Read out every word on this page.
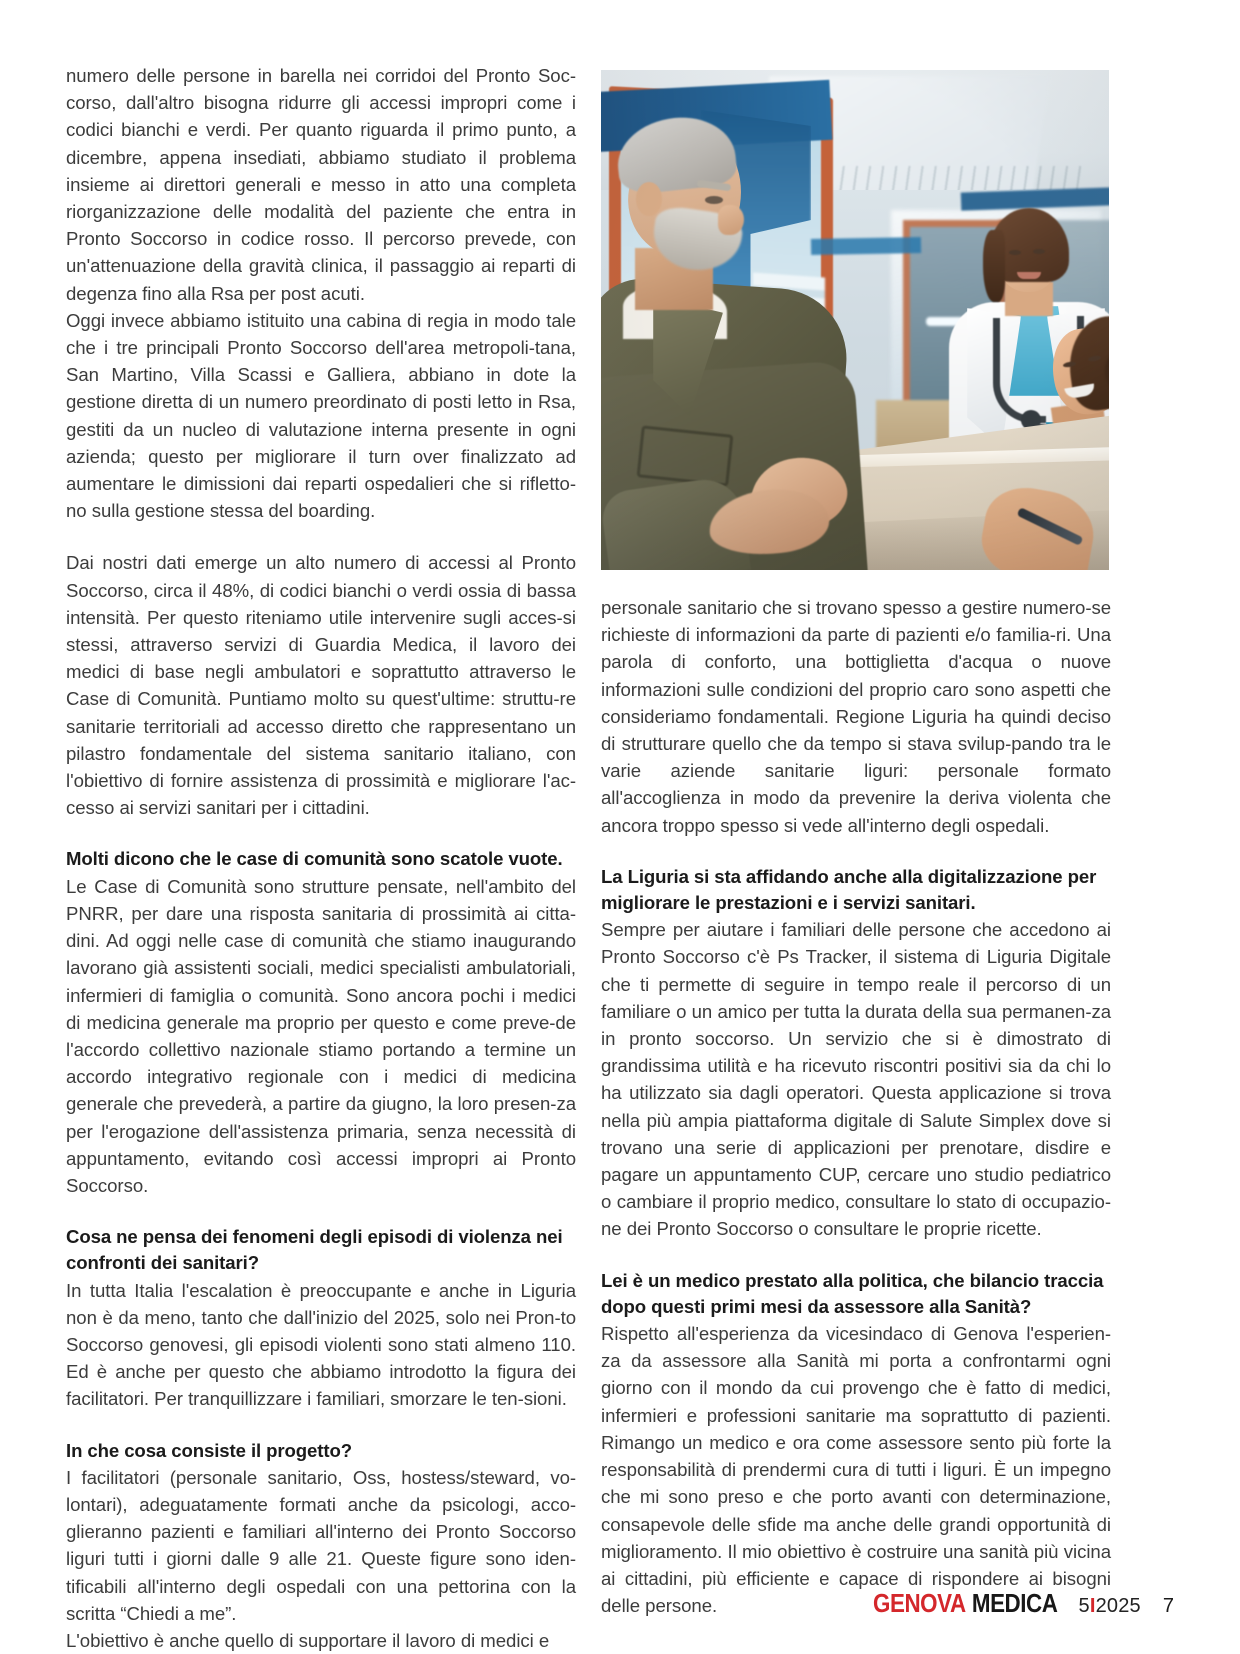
numero delle persone in barella nei corridoi del Pronto Soc-corso, dall'altro bisogna ridurre gli accessi impropri come i codici bianchi e verdi. Per quanto riguarda il primo punto, a dicembre, appena insediati, abbiamo studiato il problema insieme ai direttori generali e messo in atto una completa riorganizzazione delle modalità del paziente che entra in Pronto Soccorso in codice rosso. Il percorso prevede, con un'attenuazione della gravità clinica, il passaggio ai reparti di degenza fino alla Rsa per post acuti.

Oggi invece abbiamo istituito una cabina di regia in modo tale che i tre principali Pronto Soccorso dell'area metropoli-tana, San Martino, Villa Scassi e Galliera, abbiano in dote la gestione diretta di un numero preordinato di posti letto in Rsa, gestiti da un nucleo di valutazione interna presente in ogni azienda; questo per migliorare il turn over finalizzato ad aumentare le dimissioni dai reparti ospedalieri che si rifletto-no sulla gestione stessa del boarding.

Dai nostri dati emerge un alto numero di accessi al Pronto Soccorso, circa il 48%, di codici bianchi o verdi ossia di bassa intensità. Per questo riteniamo utile intervenire sugli acces-si stessi, attraverso servizi di Guardia Medica, il lavoro dei medici di base negli ambulatori e soprattutto attraverso le Case di Comunità. Puntiamo molto su quest'ultime: struttu-re sanitarie territoriali ad accesso diretto che rappresentano un pilastro fondamentale del sistema sanitario italiano, con l'obiettivo di fornire assistenza di prossimità e migliorare l'ac-cesso ai servizi sanitari per i cittadini.

Molti dicono che le case di comunità sono scatole vuote.

Le Case di Comunità sono strutture pensate, nell'ambito del PNRR, per dare una risposta sanitaria di prossimità ai citta-dini. Ad oggi nelle case di comunità che stiamo inaugurando lavorano già assistenti sociali, medici specialisti ambulatoriali, infermieri di famiglia o comunità. Sono ancora pochi i medici di medicina generale ma proprio per questo e come preve-de l'accordo collettivo nazionale stiamo portando a termine un accordo integrativo regionale con i medici di medicina generale che prevederà, a partire da giugno, la loro presen-za per l'erogazione dell'assistenza primaria, senza necessità di appuntamento, evitando così accessi impropri ai Pronto Soccorso.

Cosa ne pensa dei fenomeni degli episodi di violenza nei confronti dei sanitari?

In tutta Italia l'escalation è preoccupante e anche in Liguria non è da meno, tanto che dall'inizio del 2025, solo nei Pron-to Soccorso genovesi, gli episodi violenti sono stati almeno 110. Ed è anche per questo che abbiamo introdotto la figura dei facilitatori. Per tranquillizzare i familiari, smorzare le ten-sioni.

In che cosa consiste il progetto?

I facilitatori (personale sanitario, Oss, hostess/steward, vo-lontari), adeguatamente formati anche da psicologi, acco-glieranno pazienti e familiari all'interno dei Pronto Soccorso liguri tutti i giorni dalle 9 alle 21. Queste figure sono iden-tificabili all'interno degli ospedali con una pettorina con la scritta “Chiedi a me”.

L'obiettivo è anche quello di supportare il lavoro di medici e

personale sanitario che si trovano spesso a gestire numero-se richieste di informazioni da parte di pazienti e/o familia-ri. Una parola di conforto, una bottiglietta d'acqua o nuove informazioni sulle condizioni del proprio caro sono aspetti che consideriamo fondamentali. Regione Liguria ha quindi deciso di strutturare quello che da tempo si stava svilup-pando tra le varie aziende sanitarie liguri: personale formato all'accoglienza in modo da prevenire la deriva violenta che ancora troppo spesso si vede all'interno degli ospedali.

La Liguria si sta affidando anche alla digitalizzazione per migliorare le prestazioni e i servizi sanitari.

Sempre per aiutare i familiari delle persone che accedono ai Pronto Soccorso c'è Ps Tracker, il sistema di Liguria Digitale che ti permette di seguire in tempo reale il percorso di un familiare o un amico per tutta la durata della sua permanen-za in pronto soccorso. Un servizio che si è dimostrato di grandissima utilità e ha ricevuto riscontri positivi sia da chi lo ha utilizzato sia dagli operatori. Questa applicazione si trova nella più ampia piattaforma digitale di Salute Simplex dove si trovano una serie di applicazioni per prenotare, disdire e pagare un appuntamento CUP, cercare uno studio pediatrico o cambiare il proprio medico, consultare lo stato di occupazio-ne dei Pronto Soccorso o consultare le proprie ricette.

Lei è un medico prestato alla politica, che bilancio traccia dopo questi primi mesi da assessore alla Sanità?

Rispetto all'esperienza da vicesindaco di Genova l'esperien-za da assessore alla Sanità mi porta a confrontarmi ogni giorno con il mondo da cui provengo che è fatto di medici, infermieri e professioni sanitarie ma soprattutto di pazienti. Rimango un medico e ora come assessore sento più forte la responsabilità di prendermi cura di tutti i liguri. È un impegno che mi sono preso e che porto avanti con determinazione, consapevole delle sfide ma anche delle grandi opportunità di miglioramento. Il mio obiettivo è costruire una sanità più vicina ai cittadini, più efficiente e capace di rispondere ai bisogni delle persone.	GENOVA MEDICA 5I2025 7
